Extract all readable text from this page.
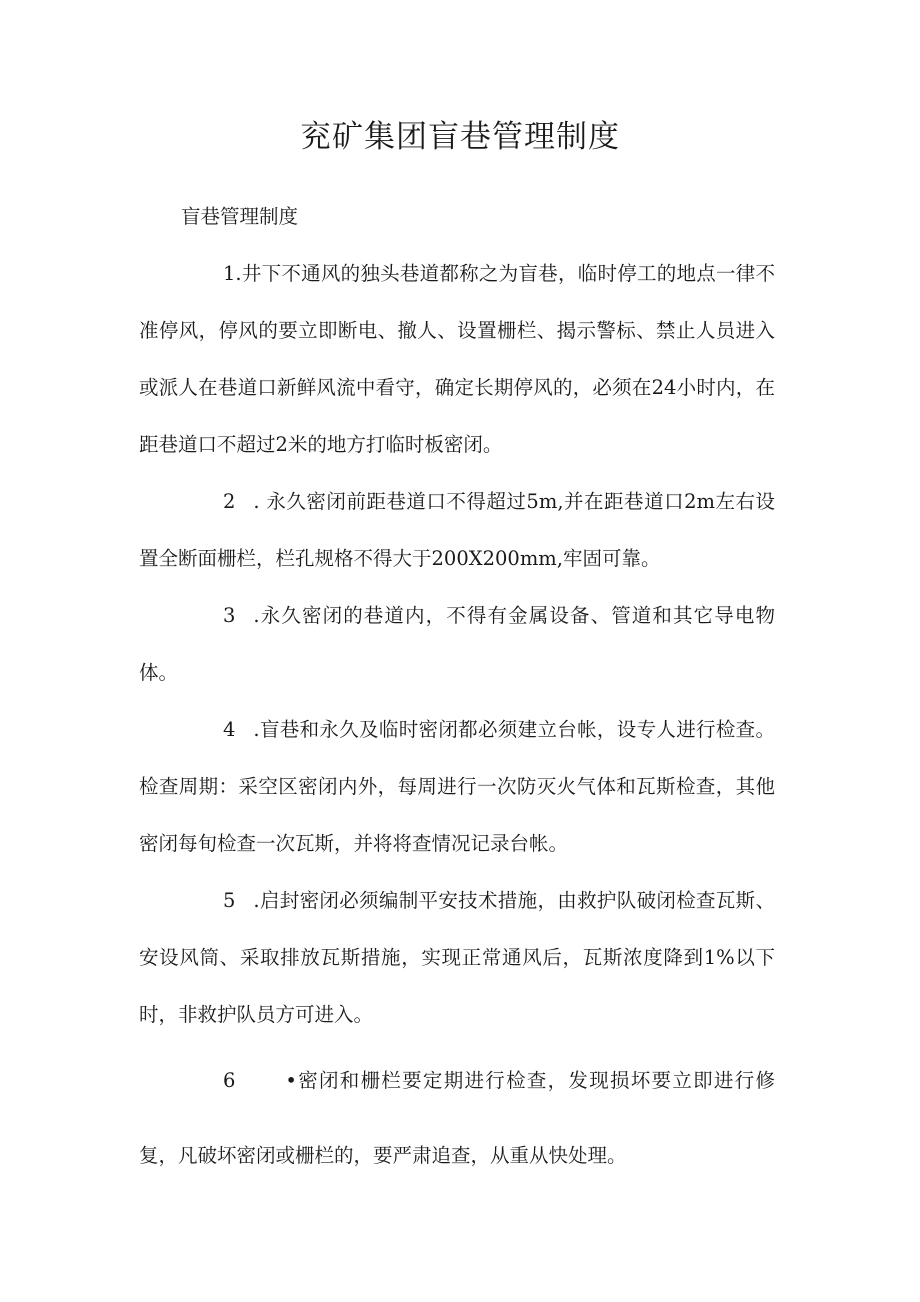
兖矿集团盲巷管理制度

盲巷管理制度

1.井下不通风的独头巷道都称之为盲巷，临时停工的地点一律不准停风，停风的要立即断电、撤人、设置栅栏、揭示警标、禁止人员进入或派人在巷道口新鲜风流中看守，确定长期停风的，必须在24小时内，在距巷道口不超过2米的地方打临时板密闭。

2 . 永久密闭前距巷道口不得超过5m,并在距巷道口2m左右设置全断面栅栏，栏孔规格不得大于200X200mm,牢固可靠。

3 .永久密闭的巷道内，不得有金属设备、管道和其它导电物体。

4 .盲巷和永久及临时密闭都必须建立台帐，设专人进行检查。检查周期：采空区密闭内外，每周进行一次防灭火气体和瓦斯检查，其他密闭每旬检查一次瓦斯，并将将查情况记录台帐。

5 .启封密闭必须编制平安技术措施，由救护队破闭检查瓦斯、安设风筒、采取排放瓦斯措施，实现正常通风后，瓦斯浓度降到1%以下时，非救护队员方可进入。

6	•密闭和栅栏要定期进行检查，发现损坏要立即进行修复，凡破坏密闭或栅栏的，要严肃追查，从重从快处理。
